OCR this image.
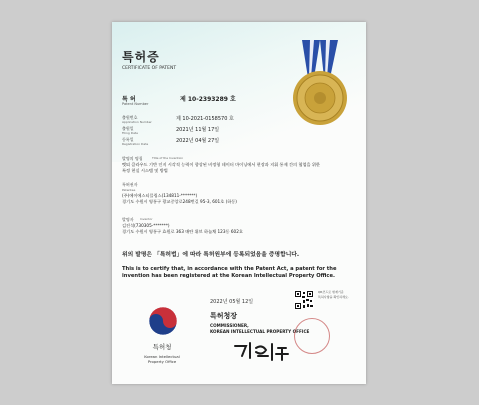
특허증
CERTIFICATE OF PATENT
특 허
Patent Number
제 10-2393289 호
출원번호
Application Number	제 10-2021-0158570 호
출원일
Filing Date	2021년 11월 17일
등록일
Registration Date	2022년 04월 27일
발명의 명칭	Title of the Invention
멧퇴 클라우드 기반 인지 시각적 능력이 향상된 비정형 데이터 마이닝에서 현장과 지휘 통제 간의 협업을 위한 특정 현실 시스템 및 방법
특허권자
Patentee
(주)에이에스티플링스(134811-*******)
경기도 수원시 영통구 광교중앙로248번길 95-3, 601호 (하동)
발명자 Inventor
김진석(730305-*******)
경기도 수원시 영통구 효원로 363 매탄 위브 하늘채 123동 602호
위의 발명은 「특허법」에 따라 특허원부에 등록되었음을 증명합니다.
This is to certify that, in accordance with the Patent Act, a patent for the
invention has been registered at the Korean Intellectual Property Office.
2022년 05월 12일
특허청
Korean Intellectual
Property Office
특허청장
COMMISSIONER,
KOREAN INTELLECTUAL PROPERTY OFFICE
QR코드로 현재기준
특허사항을 확인하세요.
